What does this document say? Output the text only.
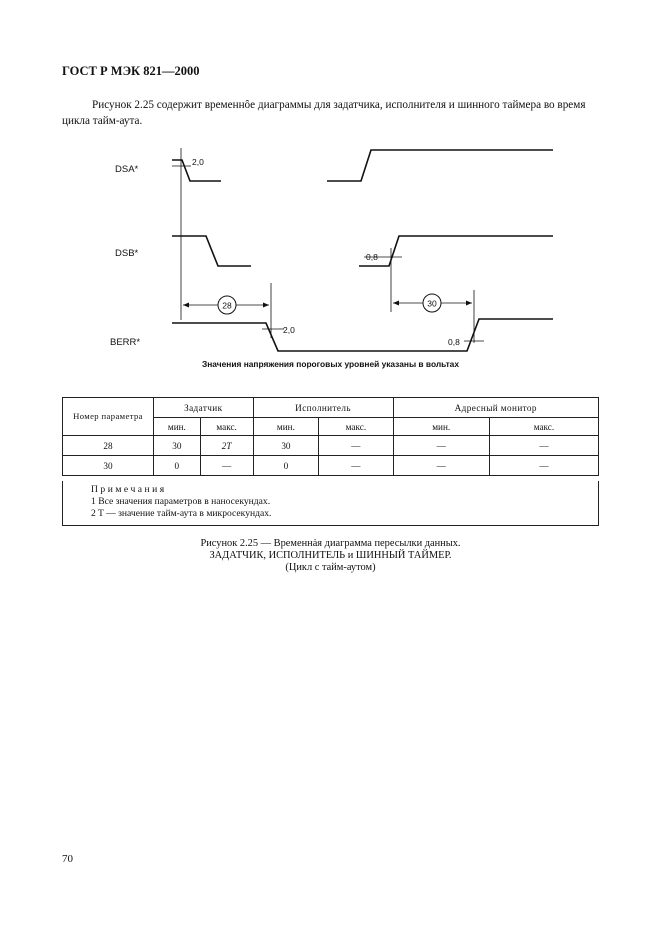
ГОСТ Р МЭК 821—2000
Рисунок 2.25 содержит временнȏе диаграммы для задатчика, исполнителя и шинного таймера во время цикла тайм-аута.
28	30
DSA*
DSB*
BERR*
2,0
0,8
2,0
0,8
Значения напряжения пороговых уровней указаны в вольтах
Номер параметра	Задатчик		Исполнитель		Адресный монитор	
	мин.	макс.	мин.	макс.	мин.	макс.
28	30	2T	30	—	—	—
30	0	—	0	—	—	—
Примечания
1 Все значения параметров в наносекундах.
2 T — значение тайм-аута в микросекундах.
Рисунок 2.25 — Временнȧя диаграмма пересылки данных.
ЗАДАТЧИК, ИСПОЛНИТЕЛЬ и ШИННЫЙ ТАЙМЕР.
(Цикл с тайм-аутом)
70
